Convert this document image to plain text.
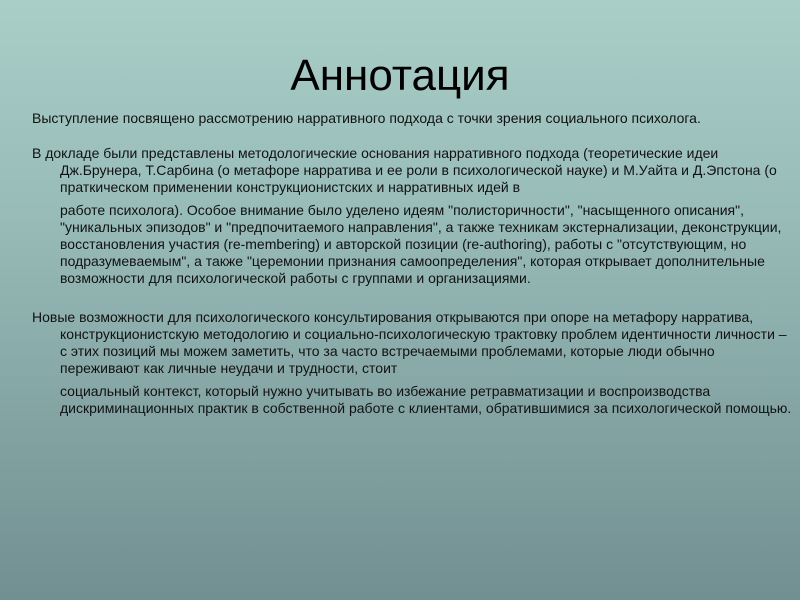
Аннотация

Выступление посвящено рассмотрению нарративного подхода с точки зрения социального психолога.

В докладе были представлены методологические основания нарративного подхода (теоретические идеи Дж.Брунера, Т.Сарбина (о метафоре нарратива и ее роли в психологической науке) и М.Уайта и Д.Эпстона (о праткическом применении конструкционистских и нарративных идей в

работе психолога). Особое внимание было уделено идеям "полисторичности", "насыщенного описания", "уникальных эпизодов" и "предпочитаемого направления", а также техникам экстернализации, деконструкции, восстановления участия (re-membering) и авторской позиции (re-authoring), работы с "отсутствующим, но подразумеваемым", а также "церемонии признания самоопределения", которая открывает дополнительные возможности для психологической работы с группами и организациями.

Новые возможности для психологического консультирования открываются при опоре на метафору нарратива, конструкционистскую методологию и социально-психологическую трактовку проблем идентичности личности – с этих позиций мы можем заметить, что за часто встречаемыми проблемами, которые люди обычно переживают как личные неудачи и трудности, стоит

социальный контекст, который нужно учитывать во избежание ретравматизации и воспроизводства дискриминационных практик в собственной работе с клиентами, обратившимися за психологической помощью.
